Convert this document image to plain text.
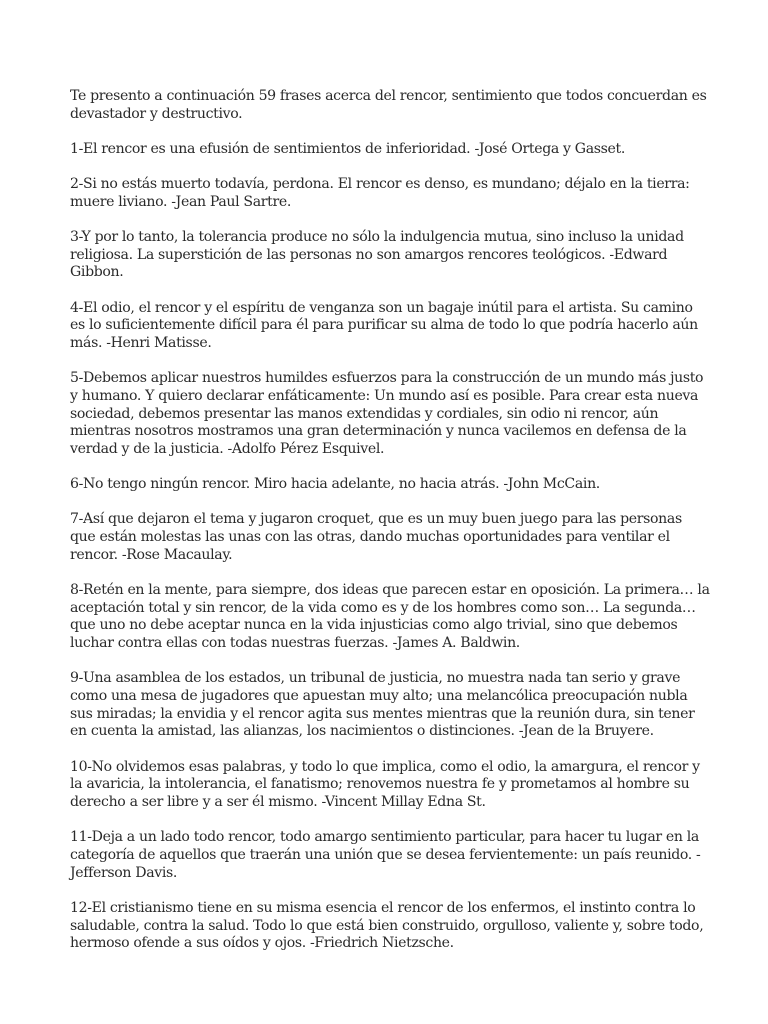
Te presento a continuación 59 frases acerca del rencor, sentimiento que todos concuerdan es devastador y destructivo.

1-El rencor es una efusión de sentimientos de inferioridad. -José Ortega y Gasset.

2-Si no estás muerto todavía, perdona. El rencor es denso, es mundano; déjalo en la tierra: muere liviano. -Jean Paul Sartre.

3-Y por lo tanto, la tolerancia produce no sólo la indulgencia mutua, sino incluso la unidad religiosa. La superstición de las personas no son amargos rencores teológicos. -Edward Gibbon.

4-El odio, el rencor y el espíritu de venganza son un bagaje inútil para el artista. Su camino es lo suficientemente difícil para él para purificar su alma de todo lo que podría hacerlo aún más. -Henri Matisse.

5-Debemos aplicar nuestros humildes esfuerzos para la construcción de un mundo más justo y humano. Y quiero declarar enfáticamente: Un mundo así es posible. Para crear esta nueva sociedad, debemos presentar las manos extendidas y cordiales, sin odio ni rencor, aún mientras nosotros mostramos una gran determinación y nunca vacilemos en defensa de la verdad y de la justicia. -Adolfo Pérez Esquivel.

6-No tengo ningún rencor. Miro hacia adelante, no hacia atrás. -John McCain.

7-Así que dejaron el tema y jugaron croquet, que es un muy buen juego para las personas que están molestas las unas con las otras, dando muchas oportunidades para ventilar el rencor. -Rose Macaulay.

8-Retén en la mente, para siempre, dos ideas que parecen estar en oposición. La primera… la aceptación total y sin rencor, de la vida como es y de los hombres como son… La segunda… que uno no debe aceptar nunca en la vida injusticias como algo trivial, sino que debemos luchar contra ellas con todas nuestras fuerzas. -James A. Baldwin.

9-Una asamblea de los estados, un tribunal de justicia, no muestra nada tan serio y grave como una mesa de jugadores que apuestan muy alto; una melancólica preocupación nubla sus miradas; la envidia y el rencor agita sus mentes mientras que la reunión dura, sin tener en cuenta la amistad, las alianzas, los nacimientos o distinciones. -Jean de la Bruyere.

10-No olvidemos esas palabras, y todo lo que implica, como el odio, la amargura, el rencor y la avaricia, la intolerancia, el fanatismo; renovemos nuestra fe y prometamos al hombre su derecho a ser libre y a ser él mismo. -Vincent Millay Edna St.

11-Deja a un lado todo rencor, todo amargo sentimiento particular, para hacer tu lugar en la categoría de aquellos que traerán una unión que se desea fervientemente: un país reunido. -Jefferson Davis.

12-El cristianismo tiene en su misma esencia el rencor de los enfermos, el instinto contra lo saludable, contra la salud. Todo lo que está bien construido, orgulloso, valiente y, sobre todo, hermoso ofende a sus oídos y ojos. -Friedrich Nietzsche.
